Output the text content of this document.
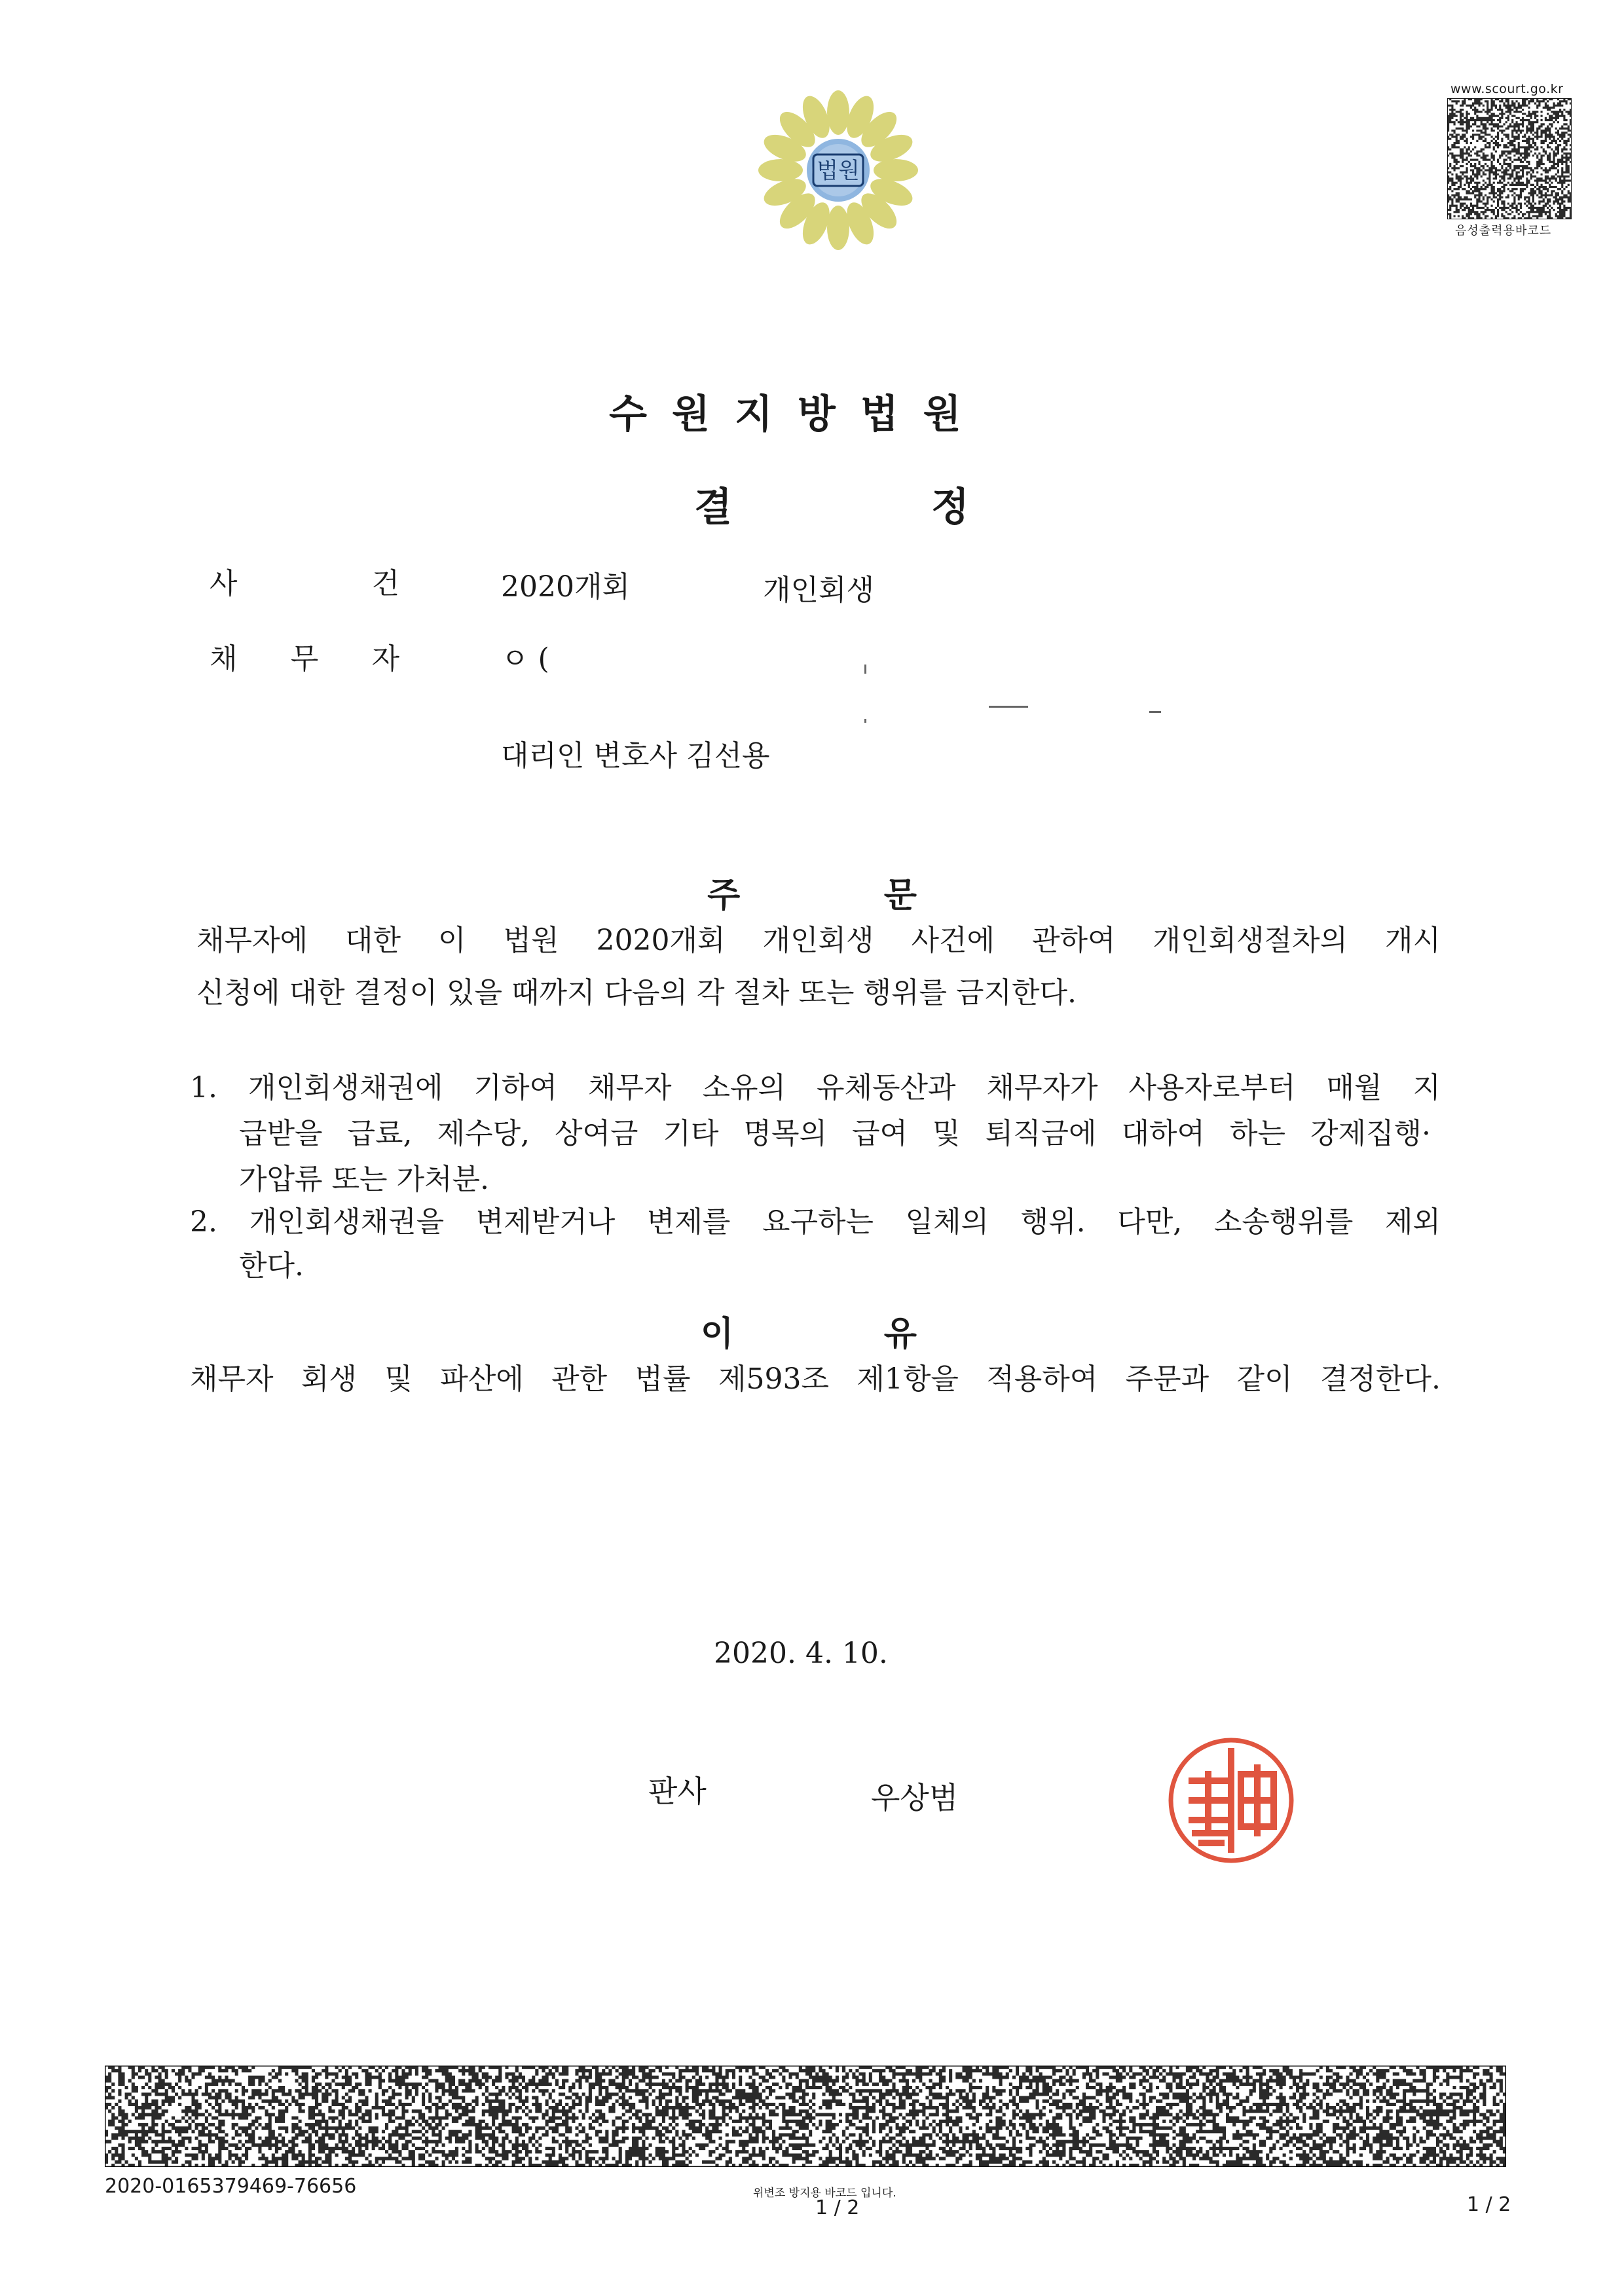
법원
www.scourt.go.kr
음성출력용바코드
수원지방법원
결	정
사	건	2020개회	개인회생
채 무 자	ㅇ (
대리인 변호사 김선용
주	문
채무자에 대한 이 법원 2020개회 개인회생 사건에 관하여 개인회생절차의 개시
신청에 대한 결정이 있을 때까지 다음의 각 절차 또는 행위를 금지한다.
1. 개인회생채권에 기하여 채무자 소유의 유체동산과 채무자가 사용자로부터 매월 지
급받을 급료, 제수당, 상여금 기타 명목의 급여 및 퇴직금에 대하여 하는 강제집행·
가압류 또는 가처분.
2. 개인회생채권을 변제받거나 변제를 요구하는 일체의 행위. 다만, 소송행위를 제외
한다.
이	유
채무자 회생 및 파산에 관한 법률 제593조 제1항을 적용하여 주문과 같이 결정한다.
2020. 4. 10.
판사	우상범
2020-0165379469-76656	위변조 방지용 바코드 입니다.
1 / 2	1 / 2
